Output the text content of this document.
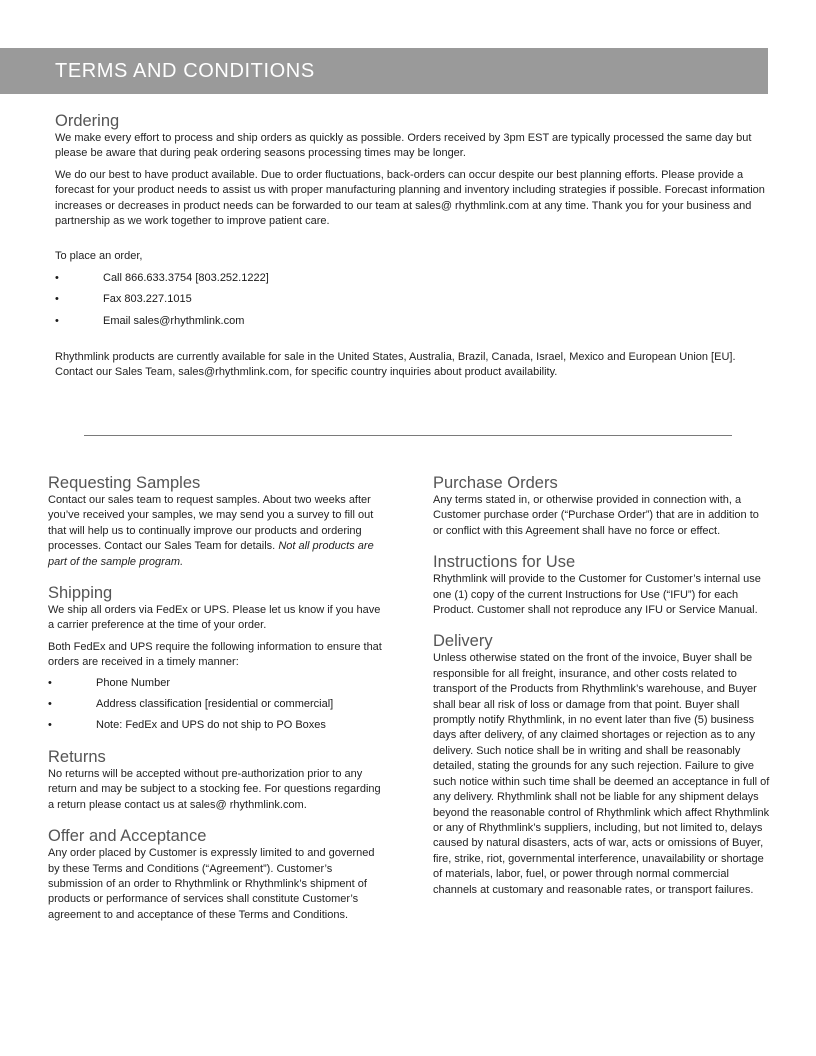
TERMS AND CONDITIONS
Ordering

We make every effort to process and ship orders as quickly as possible. Orders received by 3pm EST are typically processed the same day but please be aware that during peak ordering seasons processing times may be longer.

We do our best to have product available. Due to order fluctuations, back-orders can occur despite our best planning efforts. Please provide a forecast for your product needs to assist us with proper manufacturing planning and inventory including strategies if possible. Forecast information increases or decreases in product needs can be forwarded to our team at sales@ rhythmlink.com at any time. Thank you for your business and partnership as we work together to improve patient care.

To place an order,

•	Call 866.633.3754 [803.252.1222]
•	Fax 803.227.1015
•	Email sales@rhythmlink.com

Rhythmlink products are currently available for sale in the United States, Australia, Brazil, Canada, Israel, Mexico and European Union [EU]. Contact our Sales Team, sales@rhythmlink.com, for specific country inquiries about product availability.

Requesting Samples

Contact our sales team to request samples. About two weeks after you’ve received your samples, we may send you a survey to fill out that will help us to continually improve our products and ordering processes. Contact our Sales Team for details. Not all products are part of the sample program.

Shipping

We ship all orders via FedEx or UPS. Please let us know if you have a carrier preference at the time of your order.

Both FedEx and UPS require the following information to ensure that orders are received in a timely manner:

•	Phone Number
•	Address classification [residential or commercial]
•	Note: FedEx and UPS do not ship to PO Boxes
Returns

No returns will be accepted without pre-authorization prior to any return and may be subject to a stocking fee. For questions regarding a return please contact us at sales@ rhythmlink.com.

Offer and Acceptance

Any order placed by Customer is expressly limited to and governed by these Terms and Conditions (“Agreement”). Customer’s submission of an order to Rhythmlink or Rhythmlink’s shipment of products or performance of services shall constitute Customer’s agreement to and acceptance of these Terms and Conditions.

Purchase Orders

Any terms stated in, or otherwise provided in connection with, a Customer purchase order (“Purchase Order”) that are in addition to or conflict with this Agreement shall have no force or effect.

Instructions for Use

Rhythmlink will provide to the Customer for Customer’s internal use one (1) copy of the current Instructions for Use (“IFU”) for each Product. Customer shall not reproduce any IFU or Service Manual.

Delivery

Unless otherwise stated on the front of the invoice, Buyer shall be responsible for all freight, insurance, and other costs related to transport of the Products from Rhythmlink’s warehouse, and Buyer shall bear all risk of loss or damage from that point. Buyer shall promptly notify Rhythmlink, in no event later than five (5) business days after delivery, of any claimed shortages or rejection as to any delivery. Such notice shall be in writing and shall be reasonably detailed, stating the grounds for any such rejection. Failure to give such notice within such time shall be deemed an acceptance in full of any delivery. Rhythmlink shall not be liable for any shipment delays beyond the reasonable control of Rhythmlink which affect Rhythmlink or any of Rhythmlink’s suppliers, including, but not limited to, delays caused by natural disasters, acts of war, acts or omissions of Buyer, fire, strike, riot, governmental interference, unavailability or shortage of materials, labor, fuel, or power through normal commercial channels at customary and reasonable rates, or transport failures.
